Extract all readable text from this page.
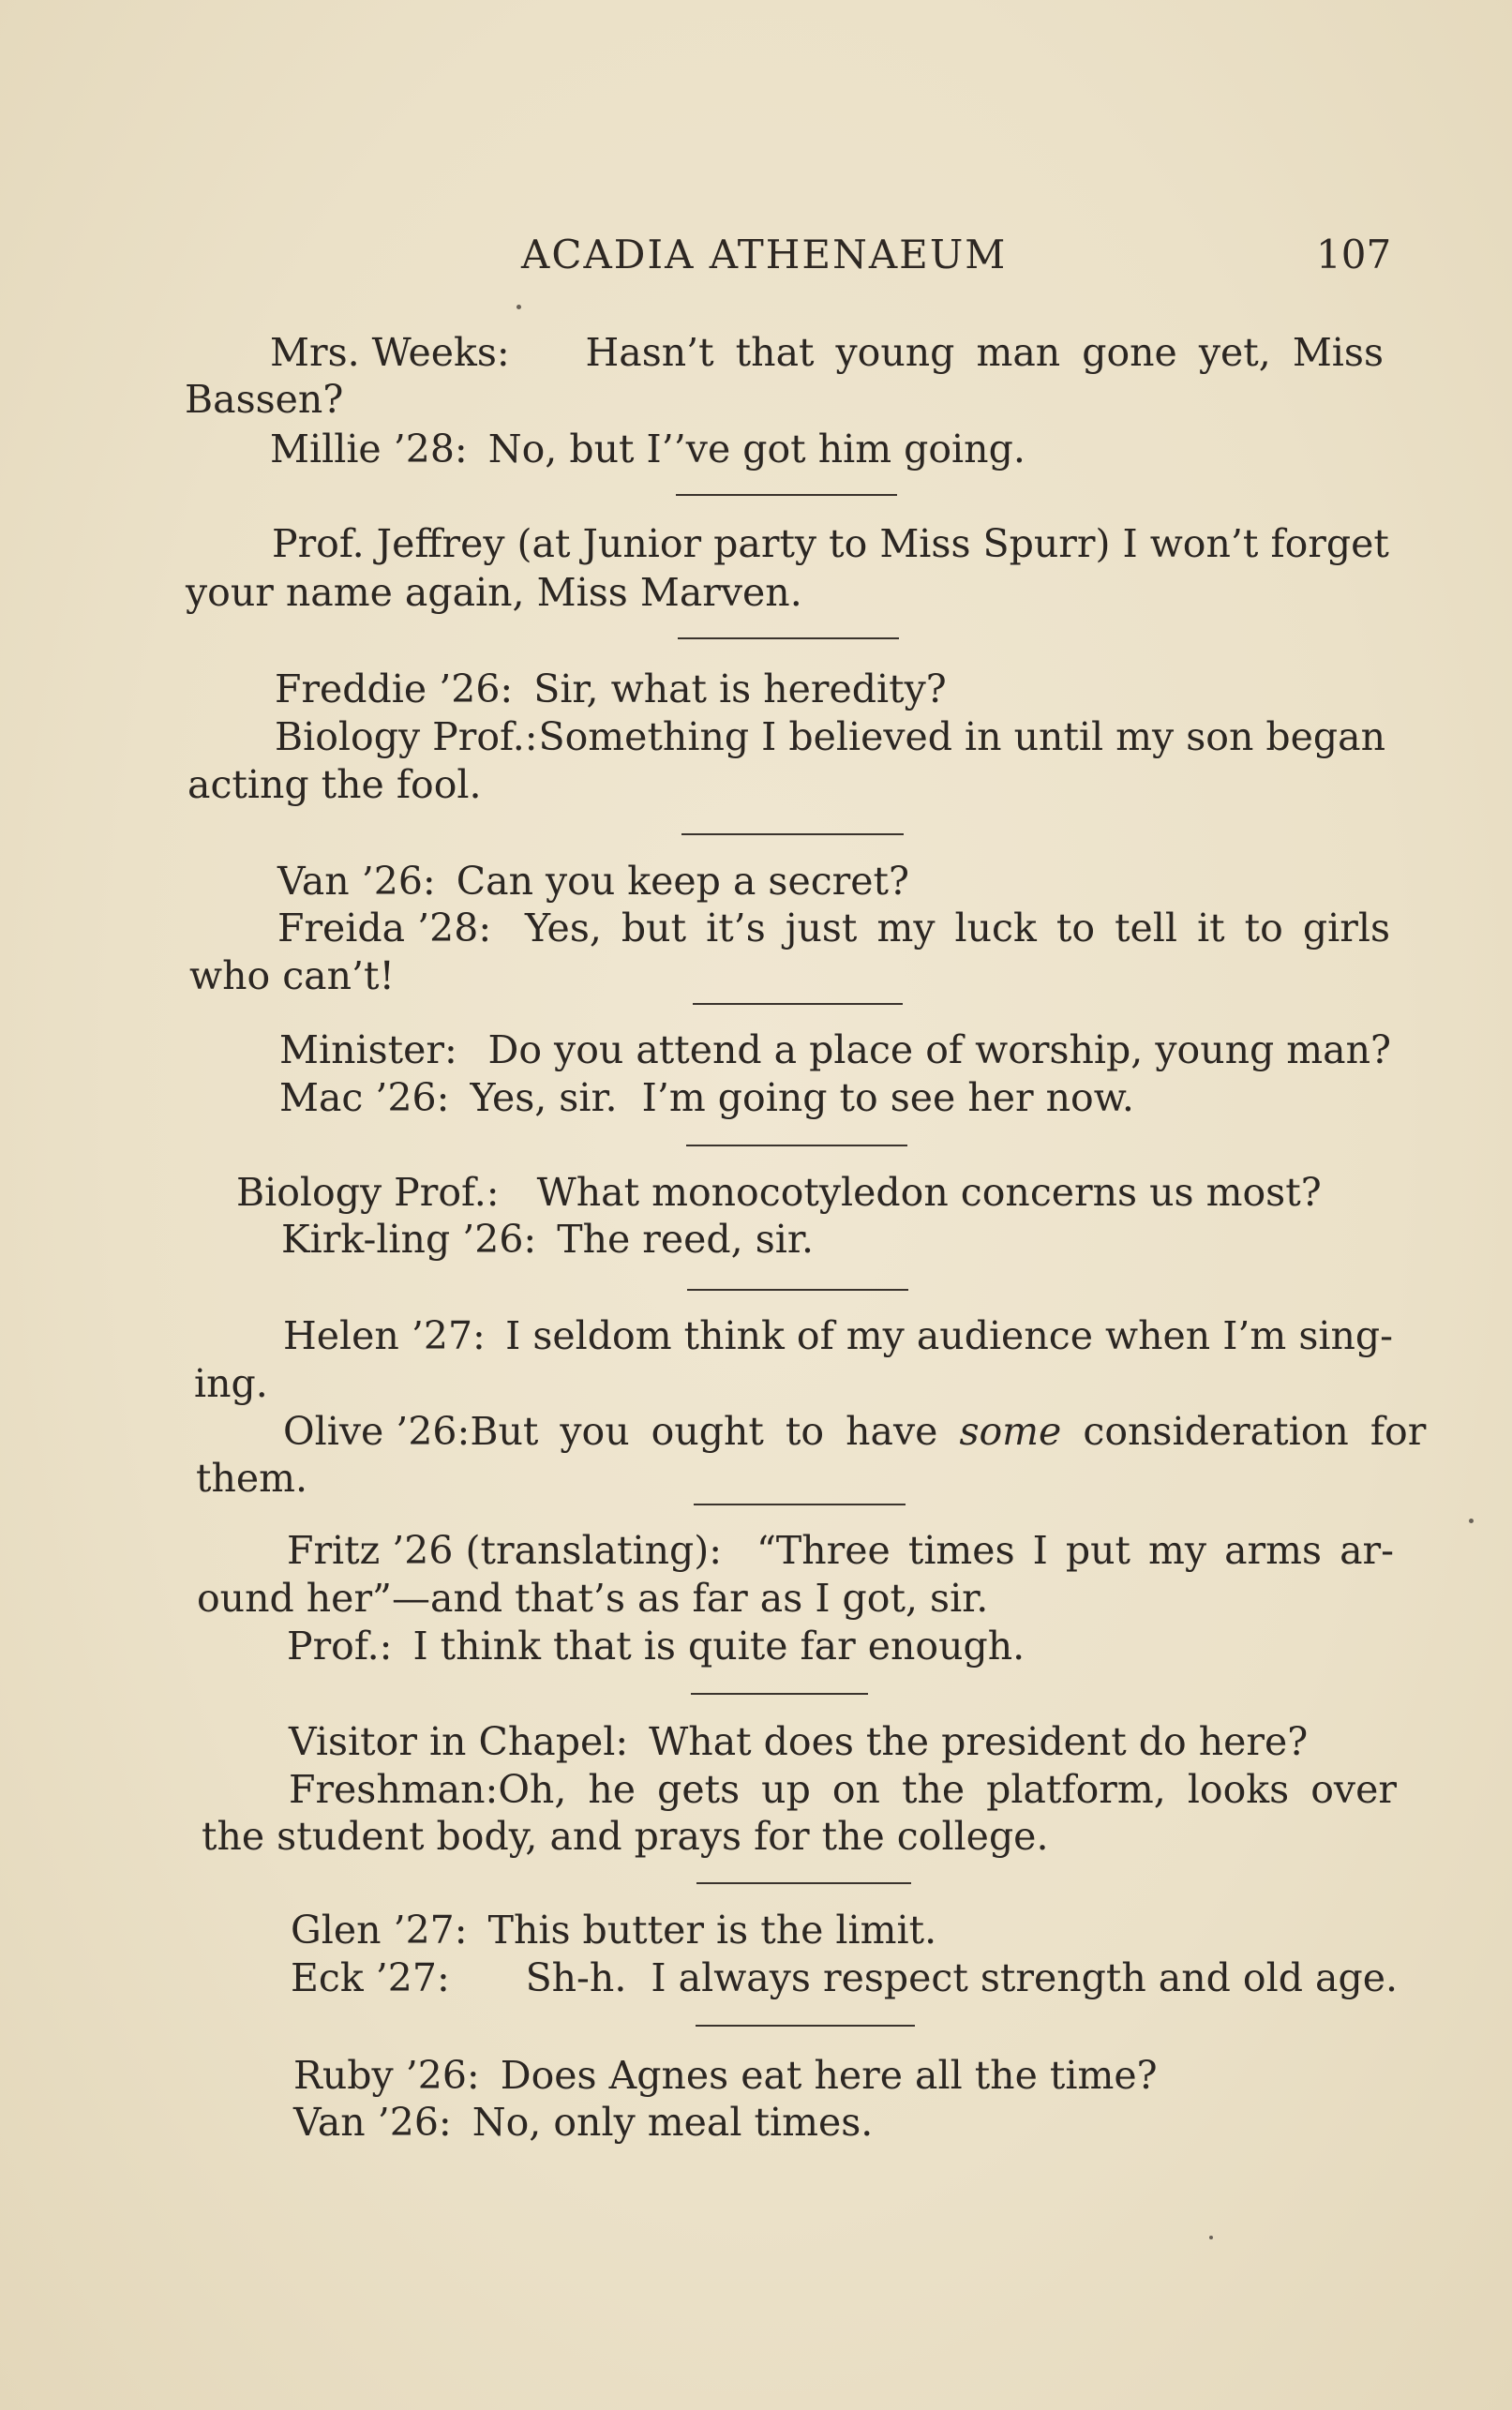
ACADIA ATHENAEUM	107
Mrs. Weeks: Hasn’t that young man gone yet, Miss
Bassen?
Millie ’28: No, but I’’ve got him going.
Prof. Jeffrey (at Junior party to Miss Spurr) I won’t forget
your name again, Miss Marven.
Freddie ’26: Sir, what is heredity?
Biology Prof.: Something I believed in until my son began
acting the fool.
Van ’26: Can you keep a secret?
Freida ’28: Yes, but it’s just my luck to tell it to girls
who can’t!
Minister: Do you attend a place of worship, young man?
Mac ’26: Yes, sir.  I’m going to see her now.
Biology Prof.: What monocotyledon concerns us most?
Kirk-ling ’26: The reed, sir.
Helen ’27: I seldom think of my audience when I’m sing-
ing.
Olive ’26: But you ought to have some consideration for
them.
Fritz ’26 (translating): “Three times I put my arms ar-
ound her”—and that’s as far as I got, sir.
Prof.: I think that is quite far enough.
Visitor in Chapel: What does the president do here?
Freshman: Oh, he gets up on the platform, looks over
the student body, and prays for the college.
Glen ’27: This butter is the limit.
Eck ’27: Sh-h.  I always respect strength and old age.
Ruby ’26: Does Agnes eat here all the time?
Van ’26: No, only meal times.
